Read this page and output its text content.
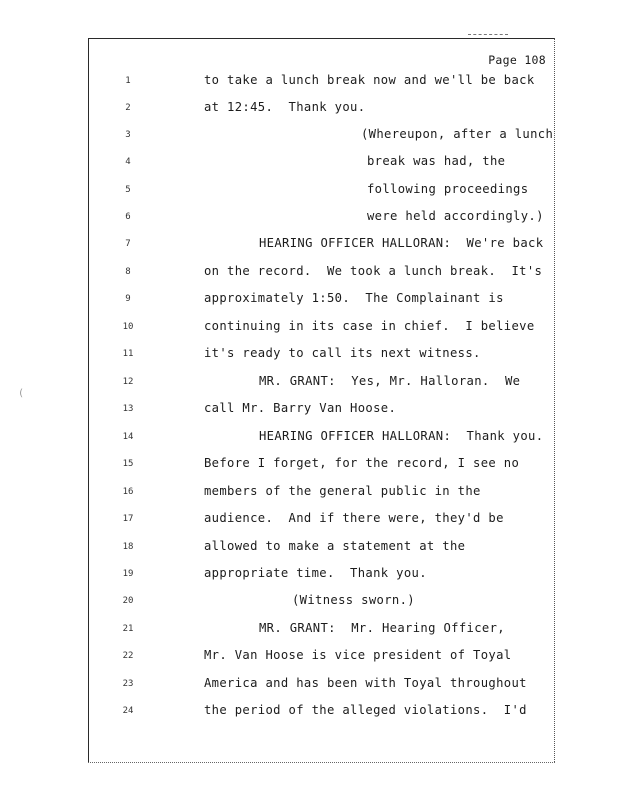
Page 108
1
2
3
4
5
6
7
8
9
10
11
12
13
14
15
16
17
18
19
20
21
22
23
24
to take a lunch break now and we'll be back
at 12:45.  Thank you.
(Whereupon, after a lunch
break was had, the
following proceedings
were held accordingly.)
HEARING OFFICER HALLORAN:  We're back
on the record.  We took a lunch break.  It's
approximately 1:50.  The Complainant is
continuing in its case in chief.  I believe
it's ready to call its next witness.
MR. GRANT:  Yes, Mr. Halloran.  We
call Mr. Barry Van Hoose.
HEARING OFFICER HALLORAN:  Thank you.
Before I forget, for the record, I see no
members of the general public in the
audience.  And if there were, they'd be
allowed to make a statement at the
appropriate time.  Thank you.
(Witness sworn.)
MR. GRANT:  Mr. Hearing Officer,
Mr. Van Hoose is vice president of Toyal
America and has been with Toyal throughout
the period of the alleged violations.  I'd
(
